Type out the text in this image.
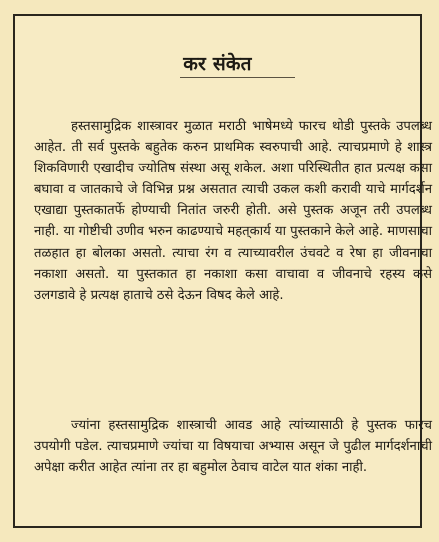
कर संकेत

हस्तसामुद्रिक शास्त्रावर मुळात मराठी भाषेमध्ये फारच थोडी पुस्तके उपलब्ध आहेत. ती सर्व पुस्तके बहुतेक करुन प्राथमिक स्वरुपाची आहे. त्याचप्रमाणे हे शास्त्र शिकविणारी एखादीच ज्योतिष संस्था असू शकेल. अशा परिस्थितीत हात प्रत्यक्ष कसा बघावा व जातकाचे जे विभिन्न प्रश्न असतात त्याची उकल कशी करावी याचे मार्गदर्शन एखाद्या पुस्तकातर्फे होण्याची नितांत जरुरी होती. असे पुस्तक अजून तरी उपलब्ध नाही. या गोष्टीची उणीव भरुन काढण्याचे महत्‌कार्य या पुस्तकाने केले आहे. माणसाचा तळहात हा बोलका असतो. त्याचा रंग व त्याच्यावरील उंचवटे व रेषा हा जीवनाचा नकाशा असतो. या पुस्तकात हा नकाशा कसा वाचावा व जीवनाचे रहस्य कसे उलगडावे हे प्रत्यक्ष हाताचे ठसे देऊन विषद केले आहे.

ज्यांना हस्तसामुद्रिक शास्त्राची आवड आहे त्यांच्यासाठी हे पुस्तक फारच उपयोगी पडेल. त्याचप्रमाणे ज्यांचा या विषयाचा अभ्यास असून जे पुढील मार्गदर्शनाची अपेक्षा करीत आहेत त्यांना तर हा बहुमोल ठेवाच वाटेल यात शंका नाही.
